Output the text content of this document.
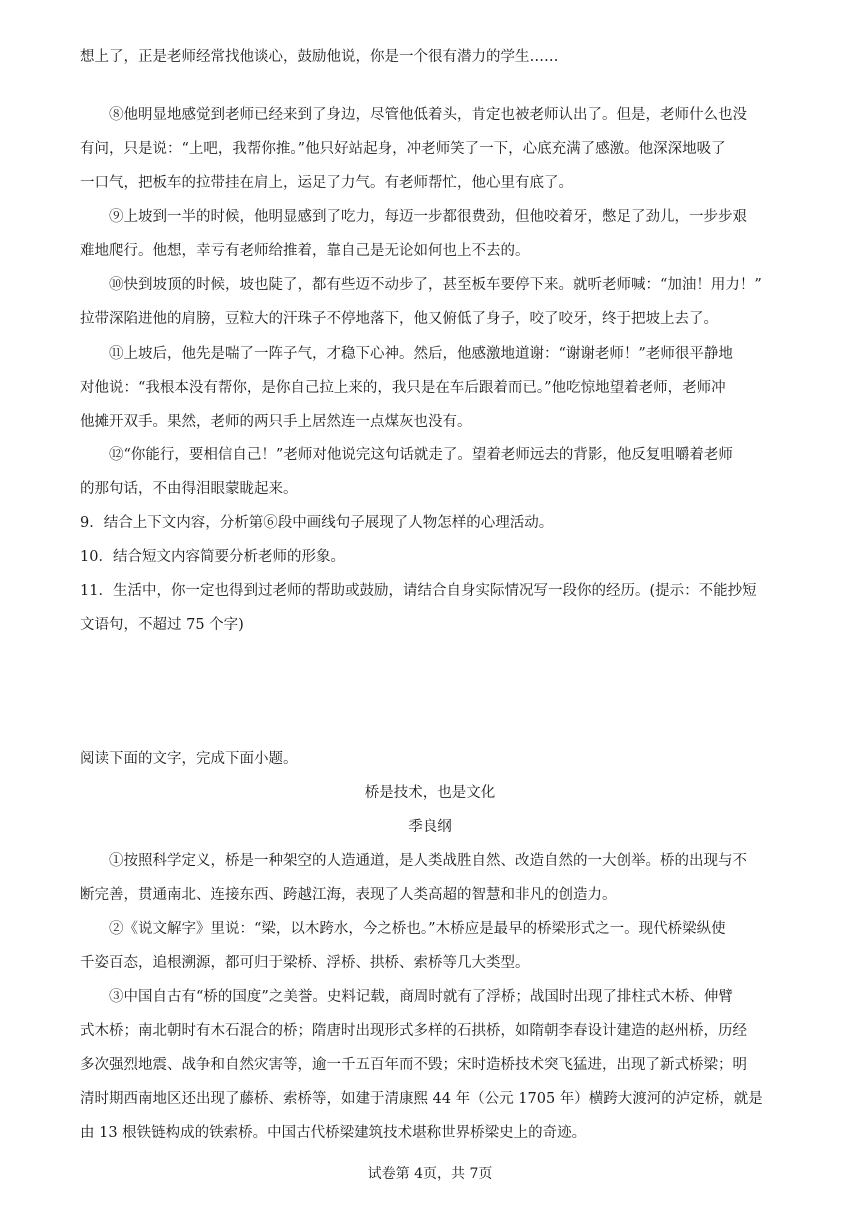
想上了，正是老师经常找他谈心，鼓励他说，你是一个很有潜力的学生……
⑧他明显地感觉到老师已经来到了身边，尽管他低着头，肯定也被老师认出了。但是，老师什么也没
有问，只是说：“上吧，我帮你推。”他只好站起身，冲老师笑了一下，心底充满了感激。他深深地吸了
一口气，把板车的拉带挂在肩上，运足了力气。有老师帮忙，他心里有底了。
⑨上坡到一半的时候，他明显感到了吃力，每迈一步都很费劲，但他咬着牙，憋足了劲儿，一步步艰
难地爬行。他想，幸亏有老师给推着，靠自己是无论如何也上不去的。
⑩快到坡顶的时候，坡也陡了，都有些迈不动步了，甚至板车要停下来。就听老师喊：“加油！用力！”
拉带深陷进他的肩膀，豆粒大的汗珠子不停地落下，他又俯低了身子，咬了咬牙，终于把坡上去了。
⑪上坡后，他先是喘了一阵子气，才稳下心神。然后，他感激地道谢：“谢谢老师！”老师很平静地
对他说：“我根本没有帮你，是你自己拉上来的，我只是在车后跟着而已。”他吃惊地望着老师，老师冲
他摊开双手。果然，老师的两只手上居然连一点煤灰也没有。
⑫“你能行，要相信自己！”老师对他说完这句话就走了。望着老师远去的背影，他反复咀嚼着老师
的那句话，不由得泪眼蒙眬起来。
9．结合上下文内容，分析第⑥段中画线句子展现了人物怎样的心理活动。
10．结合短文内容简要分析老师的形象。
11．生活中，你一定也得到过老师的帮助或鼓励，请结合自身实际情况写一段你的经历。(提示：不能抄短
文语句，不超过 75 个字)
阅读下面的文字，完成下面小题。
桥是技术，也是文化
季良纲
①按照科学定义，桥是一种架空的人造通道，是人类战胜自然、改造自然的一大创举。桥的出现与不
断完善，贯通南北、连接东西、跨越江海，表现了人类高超的智慧和非凡的创造力。
②《说文解字》里说：“梁，以木跨水，今之桥也。”木桥应是最早的桥梁形式之一。现代桥梁纵使
千姿百态，追根溯源，都可归于梁桥、浮桥、拱桥、索桥等几大类型。
③中国自古有“桥的国度”之美誉。史料记载，商周时就有了浮桥；战国时出现了排柱式木桥、伸臂
式木桥；南北朝时有木石混合的桥；隋唐时出现形式多样的石拱桥，如隋朝李春设计建造的赵州桥，历经
多次强烈地震、战争和自然灾害等，逾一千五百年而不毁；宋时造桥技术突飞猛进，出现了新式桥梁；明
清时期西南地区还出现了藤桥、索桥等，如建于清康熙 44 年（公元 1705 年）横跨大渡河的泸定桥，就是
由 13 根铁链构成的铁索桥。中国古代桥梁建筑技术堪称世界桥梁史上的奇迹。
试卷第 4页，共 7页
